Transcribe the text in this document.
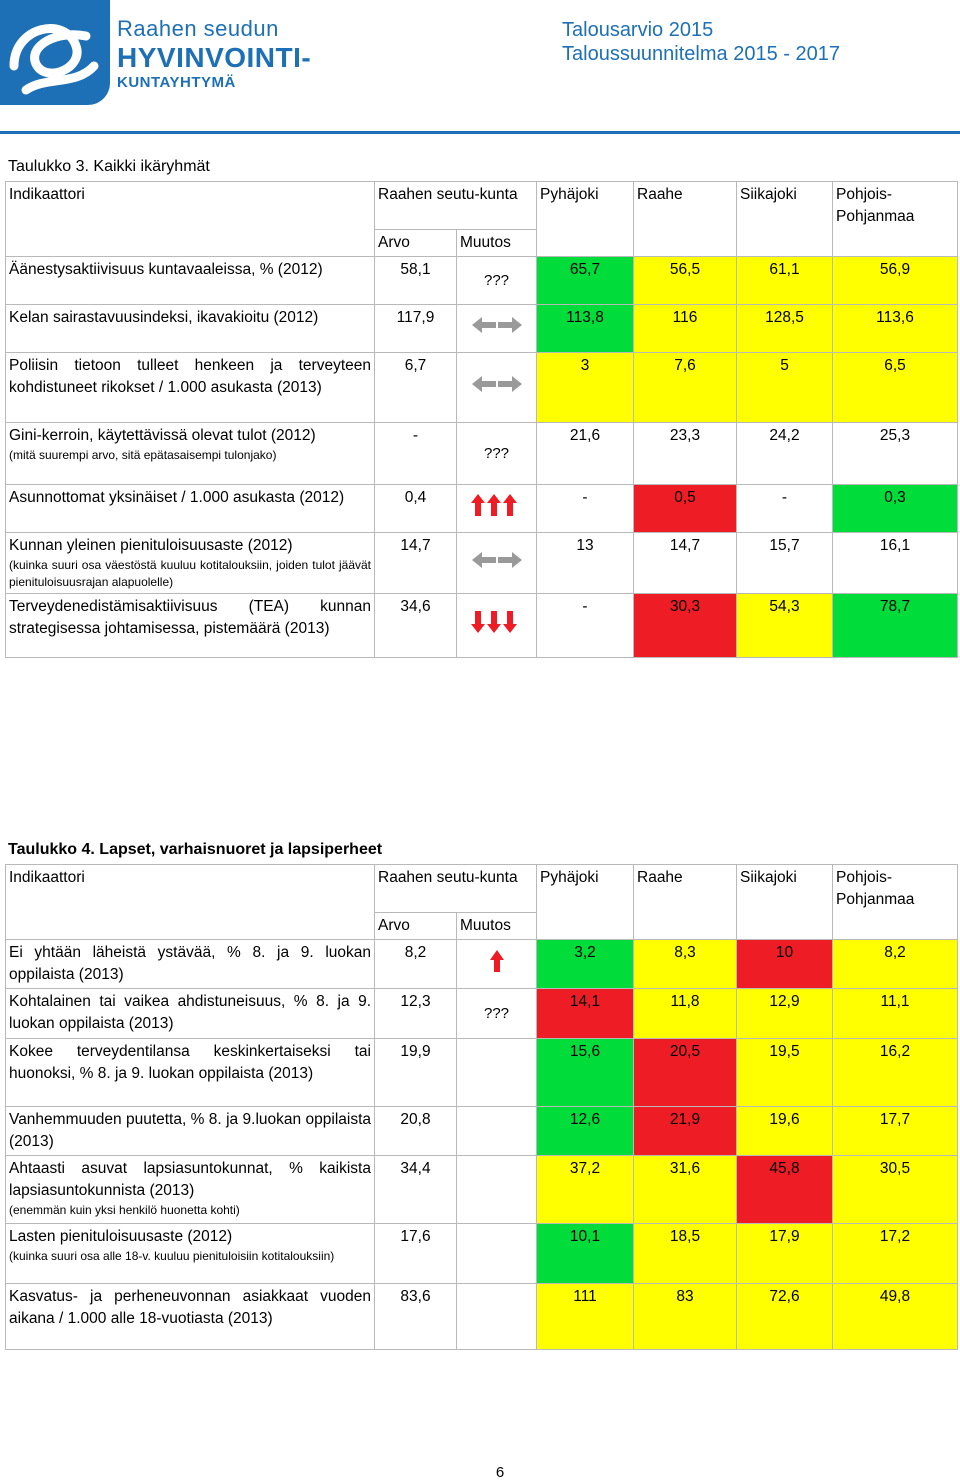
Raahen seudun
HYVINVOINTI-
KUNTAYHTYMÄ
Talousarvio 2015
Taloussuunnitelma 2015 - 2017
Taulukko 3. Kaikki ikäryhmät
Indikaattori	Raahen seutu-kunta		Pyhäjoki	Raahe	Siikajoki	Pohjois-Pohjanmaa
	Arvo	Muutos				
Äänestysaktiivisuus kuntavaaleissa, % (2012)	58,1	???	65,7	56,5	61,1	56,9
Kelan sairastavuusindeksi, ikavakioitu (2012)	117,9		113,8	116	128,5	113,6
Poliisin tietoon tulleet henkeen ja terveyteen kohdistuneet rikokset / 1.000 asukasta (2013)	6,7		3	7,6	5	6,5
Gini-kerroin, käytettävissä olevat tulot (2012)
(mitä suurempi arvo, sitä epätasaisempi tulonjako)	-	???	21,6	23,3	24,2	25,3
Asunnottomat yksinäiset / 1.000 asukasta (2012)	0,4		-	0,5	-	0,3
Kunnan yleinen pienituloisuusaste (2012)
(kuinka suuri osa väestöstä kuuluu kotitalouksiin, joiden tulot jäävät pienituloisuusrajan alapuolelle)	14,7		13	14,7	15,7	16,1
Terveydenedistämisaktiivisuus (TEA) kunnan strategisessa johtamisessa, pistemäärä (2013)	34,6		-	30,3	54,3	78,7
Taulukko 4. Lapset, varhaisnuoret ja lapsiperheet
Indikaattori	Raahen seutu-kunta		Pyhäjoki	Raahe	Siikajoki	Pohjois-Pohjanmaa
	Arvo	Muutos				
Ei yhtään läheistä ystävää, % 8. ja 9. luokan oppilaista (2013)	8,2		3,2	8,3	10	8,2
Kohtalainen tai vaikea ahdistuneisuus, % 8. ja 9. luokan oppilaista (2013)	12,3	???	14,1	11,8	12,9	11,1
Kokee terveydentilansa keskinkertaiseksi tai huonoksi, % 8. ja 9. luokan oppilaista (2013)	19,9		15,6	20,5	19,5	16,2
Vanhemmuuden puutetta, % 8. ja 9.luokan oppilaista (2013)	20,8		12,6	21,9	19,6	17,7
Ahtaasti asuvat lapsiasuntokunnat, % kaikista lapsiasuntokunnista (2013)
(enemmän kuin yksi henkilö huonetta kohti)	34,4		37,2	31,6	45,8	30,5
Lasten pienituloisuusaste (2012)
(kuinka suuri osa alle 18-v. kuuluu pienituloisiin kotitalouksiin)	17,6		10,1	18,5	17,9	17,2
Kasvatus- ja perheneuvonnan asiakkaat vuoden aikana / 1.000 alle 18-vuotiasta (2013)	83,6		111	83	72,6	49,8
6
